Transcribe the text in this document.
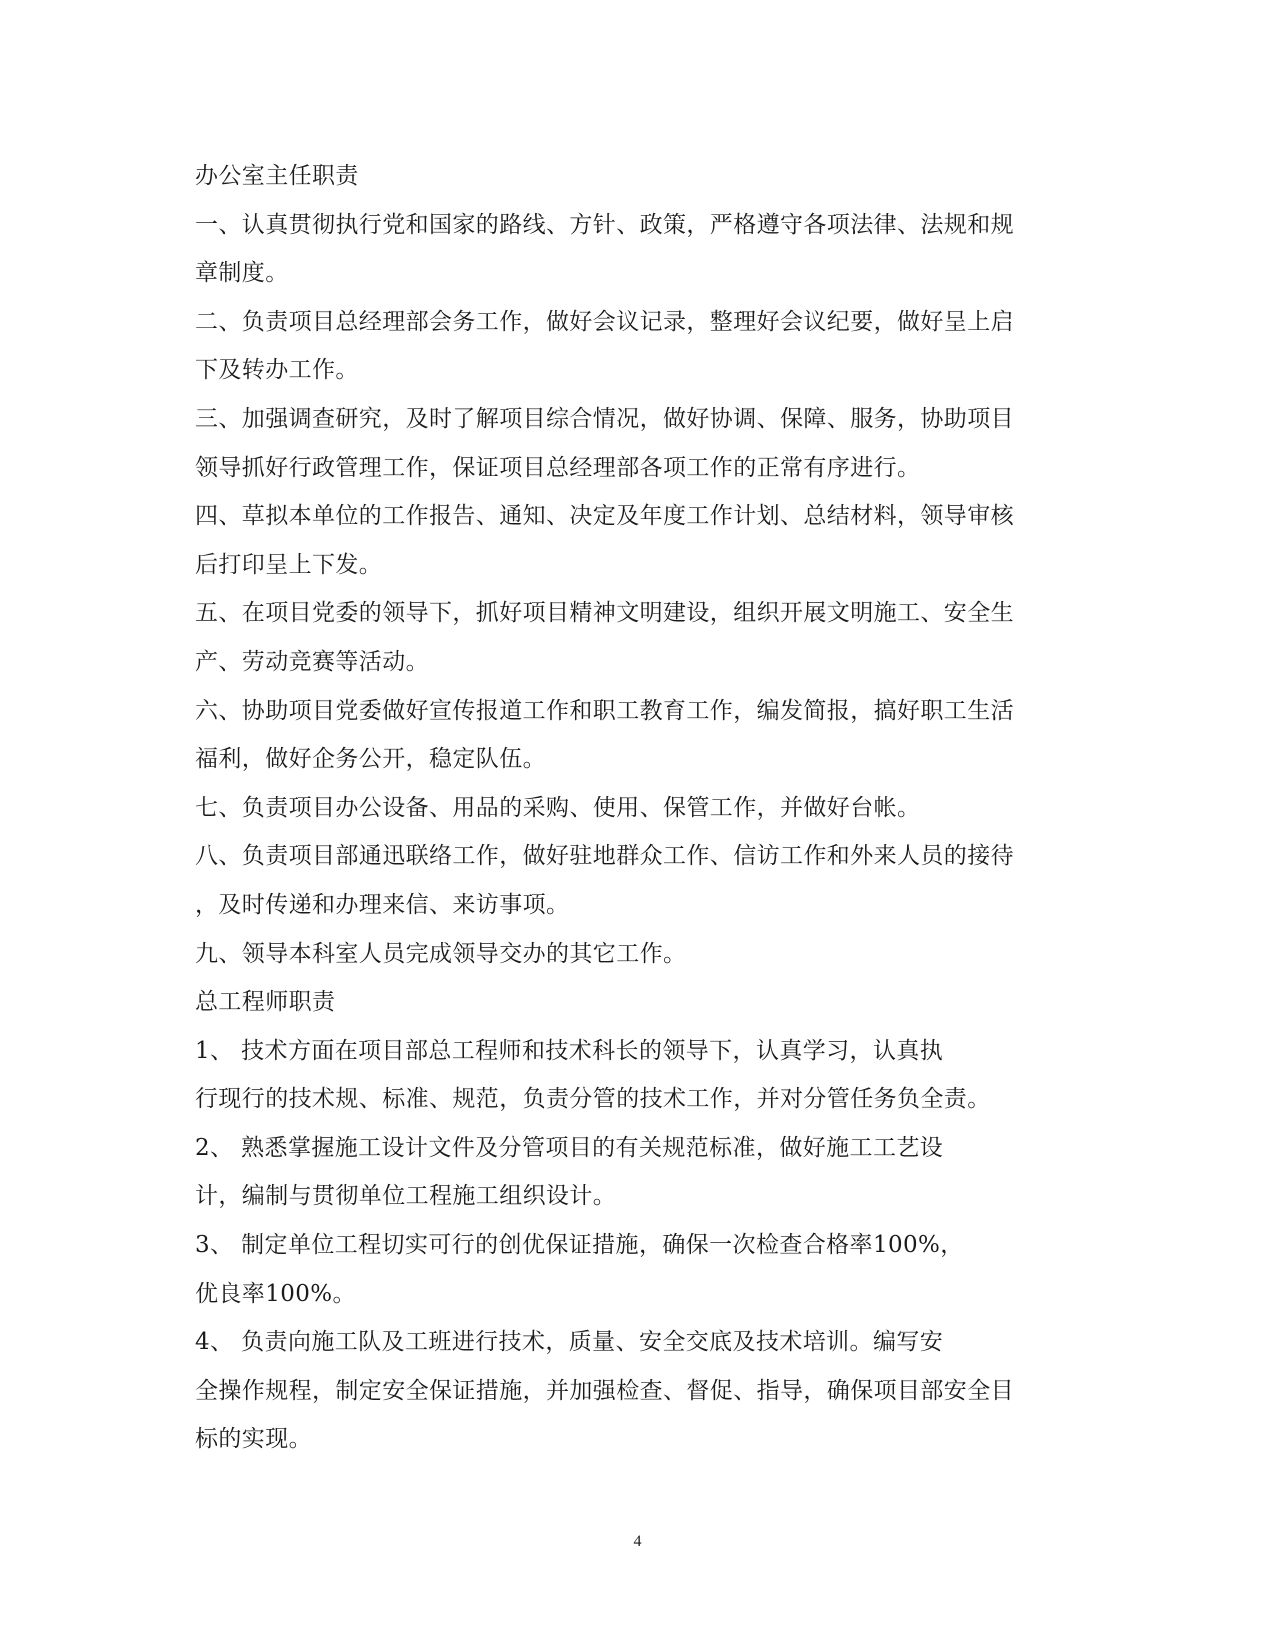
办公室主任职责
一、认真贯彻执行党和国家的路线、方针、政策，严格遵守各项法律、法规和规
章制度。
二、负责项目总经理部会务工作，做好会议记录，整理好会议纪要，做好呈上启
下及转办工作。
三、加强调查研究，及时了解项目综合情况，做好协调、保障、服务，协助项目
领导抓好行政管理工作，保证项目总经理部各项工作的正常有序进行。
四、草拟本单位的工作报告、通知、决定及年度工作计划、总结材料，领导审核
后打印呈上下发。
五、在项目党委的领导下，抓好项目精神文明建设，组织开展文明施工、安全生
产、劳动竞赛等活动。
六、协助项目党委做好宣传报道工作和职工教育工作，编发简报，搞好职工生活
福利，做好企务公开，稳定队伍。
七、负责项目办公设备、用品的采购、使用、保管工作，并做好台帐。
八、负责项目部通迅联络工作，做好驻地群众工作、信访工作和外来人员的接待
，及时传递和办理来信、来访事项。
九、领导本科室人员完成领导交办的其它工作。
总工程师职责
1、 技术方面在项目部总工程师和技术科长的领导下，认真学习，认真执
行现行的技术规、标准、规范，负责分管的技术工作，并对分管任务负全责。
2、 熟悉掌握施工设计文件及分管项目的有关规范标准，做好施工工艺设
计，编制与贯彻单位工程施工组织设计。
3、 制定单位工程切实可行的创优保证措施，确保一次检查合格率100%，
优良率100%。
4、 负责向施工队及工班进行技术，质量、安全交底及技术培训。编写安
全操作规程，制定安全保证措施，并加强检查、督促、指导，确保项目部安全目
标的实现。
4
